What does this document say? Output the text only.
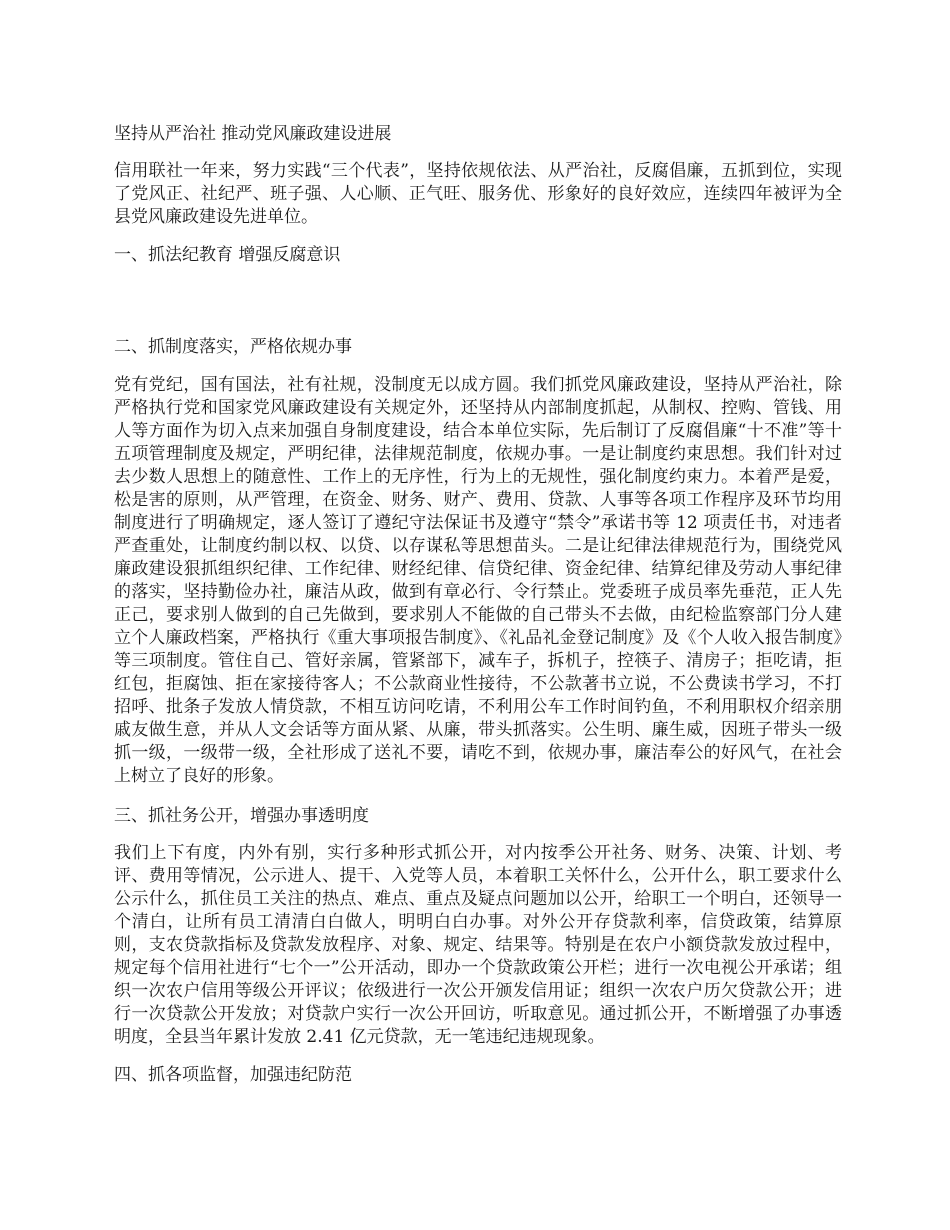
坚持从严治社 推动党风廉政建设进展

信用联社一年来，努力实践“三个代表”，坚持依规依法、从严治社，反腐倡廉，五抓到位，实现了党风正、社纪严、班子强、人心顺、正气旺、服务优、形象好的良好效应，连续四年被评为全县党风廉政建设先进单位。

一、抓法纪教育 增强反腐意识
二、抓制度落实，严格依规办事

党有党纪，国有国法，社有社规，没制度无以成方圆。我们抓党风廉政建设，坚持从严治社，除严格执行党和国家党风廉政建设有关规定外，还坚持从内部制度抓起，从制权、控购、管钱、用人等方面作为切入点来加强自身制度建设，结合本单位实际，先后制订了反腐倡廉“十不准”等十五项管理制度及规定，严明纪律，法律规范制度，依规办事。一是让制度约束思想。我们针对过去少数人思想上的随意性、工作上的无序性，行为上的无规性，强化制度约束力。本着严是爱，松是害的原则，从严管理，在资金、财务、财产、费用、贷款、人事等各项工作程序及环节均用制度进行了明确规定，逐人签订了遵纪守法保证书及遵守“禁令”承诺书等 12 项责任书，对违者严查重处，让制度约制以权、以贷、以存谋私等思想苗头。二是让纪律法律规范行为，围绕党风廉政建设狠抓组织纪律、工作纪律、财经纪律、信贷纪律、资金纪律、结算纪律及劳动人事纪律的落实，坚持勤俭办社，廉洁从政，做到有章必行、令行禁止。党委班子成员率先垂范，正人先正己，要求别人做到的自己先做到，要求别人不能做的自己带头不去做，由纪检监察部门分人建立个人廉政档案，严格执行《重大事项报告制度》、《礼品礼金登记制度》及《个人收入报告制度》等三项制度。管住自己、管好亲属，管紧部下，减车子，拆机子，控筷子、清房子；拒吃请，拒红包，拒腐蚀、拒在家接待客人；不公款商业性接待，不公款著书立说，不公费读书学习，不打招呼、批条子发放人情贷款，不相互访问吃请，不利用公车工作时间钓鱼，不利用职权介绍亲朋戚友做生意，并从人文会话等方面从紧、从廉，带头抓落实。公生明、廉生威，因班子带头一级抓一级，一级带一级，全社形成了送礼不要，请吃不到，依规办事，廉洁奉公的好风气，在社会上树立了良好的形象。

三、抓社务公开，增强办事透明度

我们上下有度，内外有别，实行多种形式抓公开，对内按季公开社务、财务、决策、计划、考评、费用等情况，公示进人、提干、入党等人员，本着职工关怀什么，公开什么，职工要求什么公示什么，抓住员工关注的热点、难点、重点及疑点问题加以公开，给职工一个明白，还领导一个清白，让所有员工清清白白做人，明明白白办事。对外公开存贷款利率，信贷政策，结算原则，支农贷款指标及贷款发放程序、对象、规定、结果等。特别是在农户小额贷款发放过程中，规定每个信用社进行“七个一”公开活动，即办一个贷款政策公开栏；进行一次电视公开承诺；组织一次农户信用等级公开评议；依级进行一次公开颁发信用证；组织一次农户历欠贷款公开；进行一次贷款公开发放；对贷款户实行一次公开回访，听取意见。通过抓公开，不断增强了办事透明度，全县当年累计发放 2.41 亿元贷款，无一笔违纪违规现象。

四、抓各项监督，加强违纪防范
